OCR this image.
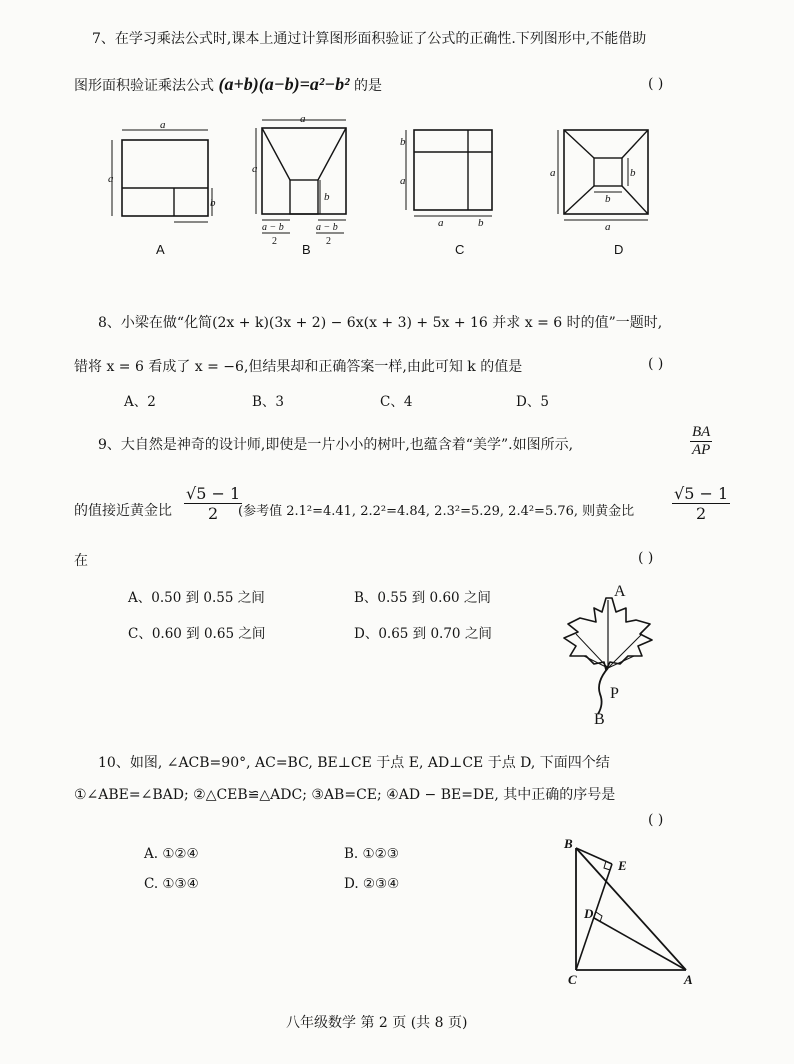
7、在学习乘法公式时,课本上通过计算图形面积验证了公式的正确性.下列图形中,不能借助
图形面积验证乘法公式 (a+b)(a−b)=a²−b² 的是	( )
a
a
b
A
a
a
b
a − b	a − b
2	2
B
b
a
a	b
C
a	b
b
a
D
8、小梁在做“化简(2x + k)(3x + 2) − 6x(x + 3) + 5x + 16 并求 x = 6 时的值”一题时,
错将 x = 6 看成了 x = −6,但结果却和正确答案一样,由此可知 k 的值是	( )
A、2	B、3	C、4	D、5
9、大自然是神奇的设计师,即使是一片小小的树叶,也蕴含着“美学”.如图所示,	$\frac{BA}{AP}$
的值接近黄金比 $\frac{√5 - 1}{2}$
(参考值 2.1²=4.41, 2.2²=4.84, 2.3²=5.29, 2.4²=5.76, 则黄金比 $\frac{√5 - 1}{2}$
在	( )
A、0.50 到 0.55 之间	B、0.55 到 0.60 之间
C、0.60 到 0.65 之间	D、0.65 到 0.70 之间
A
P
B
10、如图, ∠ACB=90°, AC=BC, BE⊥CE 于点 E, AD⊥CE 于点 D, 下面四个结
①∠ABE=∠BAD; ②△CEB≌△ADC; ③AB=CE; ④AD − BE=DE, 其中正确的序号是
( )
A. ①②④	B. ①②③
C. ①③④	D. ②③④
B
E
D
C	A
八年级数学 第 2 页 (共 8 页)
